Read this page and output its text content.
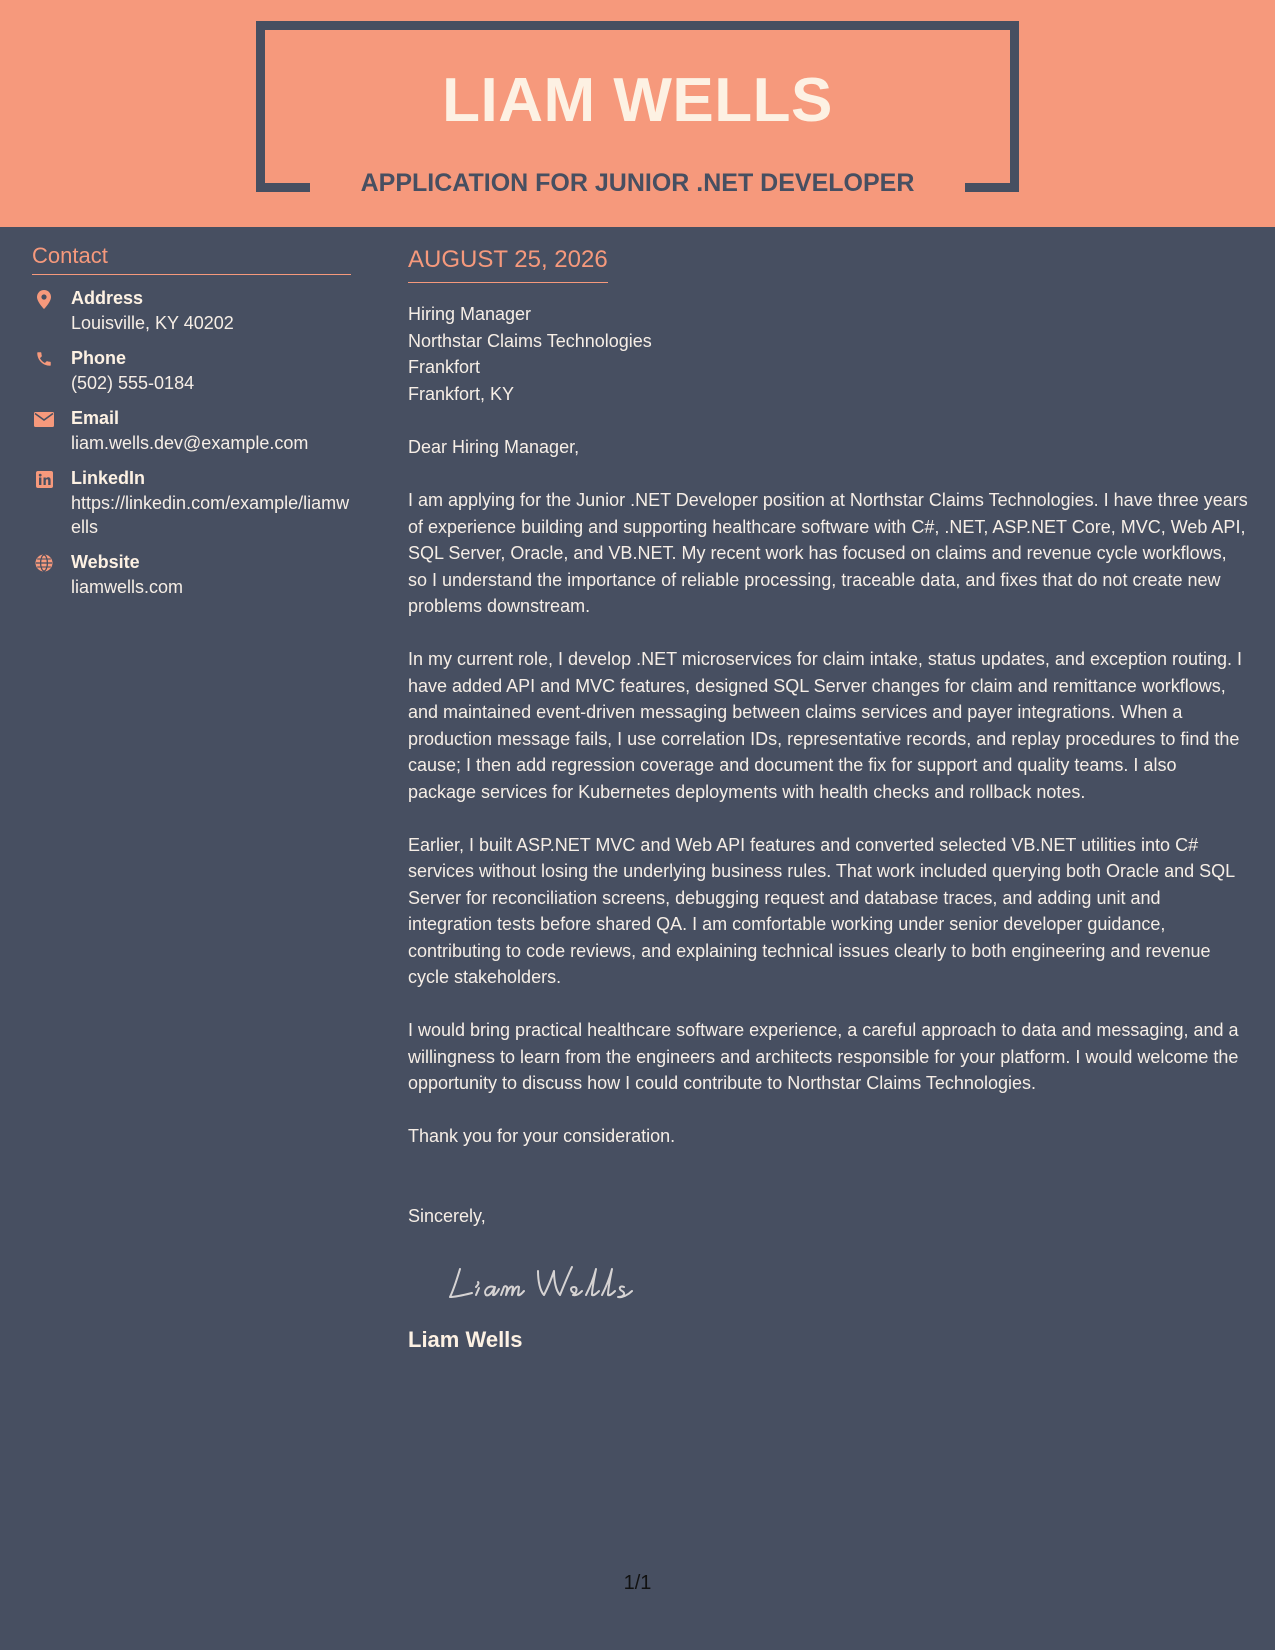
LIAM WELLS
APPLICATION FOR JUNIOR .NET DEVELOPER
Contact
Address
Louisville, KY 40202
Phone
(502) 555-0184
Email
liam.wells.dev@example.com
LinkedIn
https://linkedin.com/example/liamwells
Website
liamwells.com
AUGUST 25, 2026
Hiring Manager
Northstar Claims Technologies
Frankfort
Frankfort, KY
Dear Hiring Manager,

I am applying for the Junior .NET Developer position at Northstar Claims Technologies. I have three years of experience building and supporting healthcare software with C#, .NET, ASP.NET Core, MVC, Web API, SQL Server, Oracle, and VB.NET. My recent work has focused on claims and revenue cycle workflows, so I understand the importance of reliable processing, traceable data, and fixes that do not create new problems downstream.

In my current role, I develop .NET microservices for claim intake, status updates, and exception routing. I have added API and MVC features, designed SQL Server changes for claim and remittance workflows, and maintained event-driven messaging between claims services and payer integrations. When a production message fails, I use correlation IDs, representative records, and replay procedures to find the cause; I then add regression coverage and document the fix for support and quality teams. I also package services for Kubernetes deployments with health checks and rollback notes.

Earlier, I built ASP.NET MVC and Web API features and converted selected VB.NET utilities into C# services without losing the underlying business rules. That work included querying both Oracle and SQL Server for reconciliation screens, debugging request and database traces, and adding unit and integration tests before shared QA. I am comfortable working under senior developer guidance, contributing to code reviews, and explaining technical issues clearly to both engineering and revenue cycle stakeholders.

I would bring practical healthcare software experience, a careful approach to data and messaging, and a willingness to learn from the engineers and architects responsible for your platform. I would welcome the opportunity to discuss how I could contribute to Northstar Claims Technologies.

Thank you for your consideration.

Sincerely,
Liam Wells
1/1
